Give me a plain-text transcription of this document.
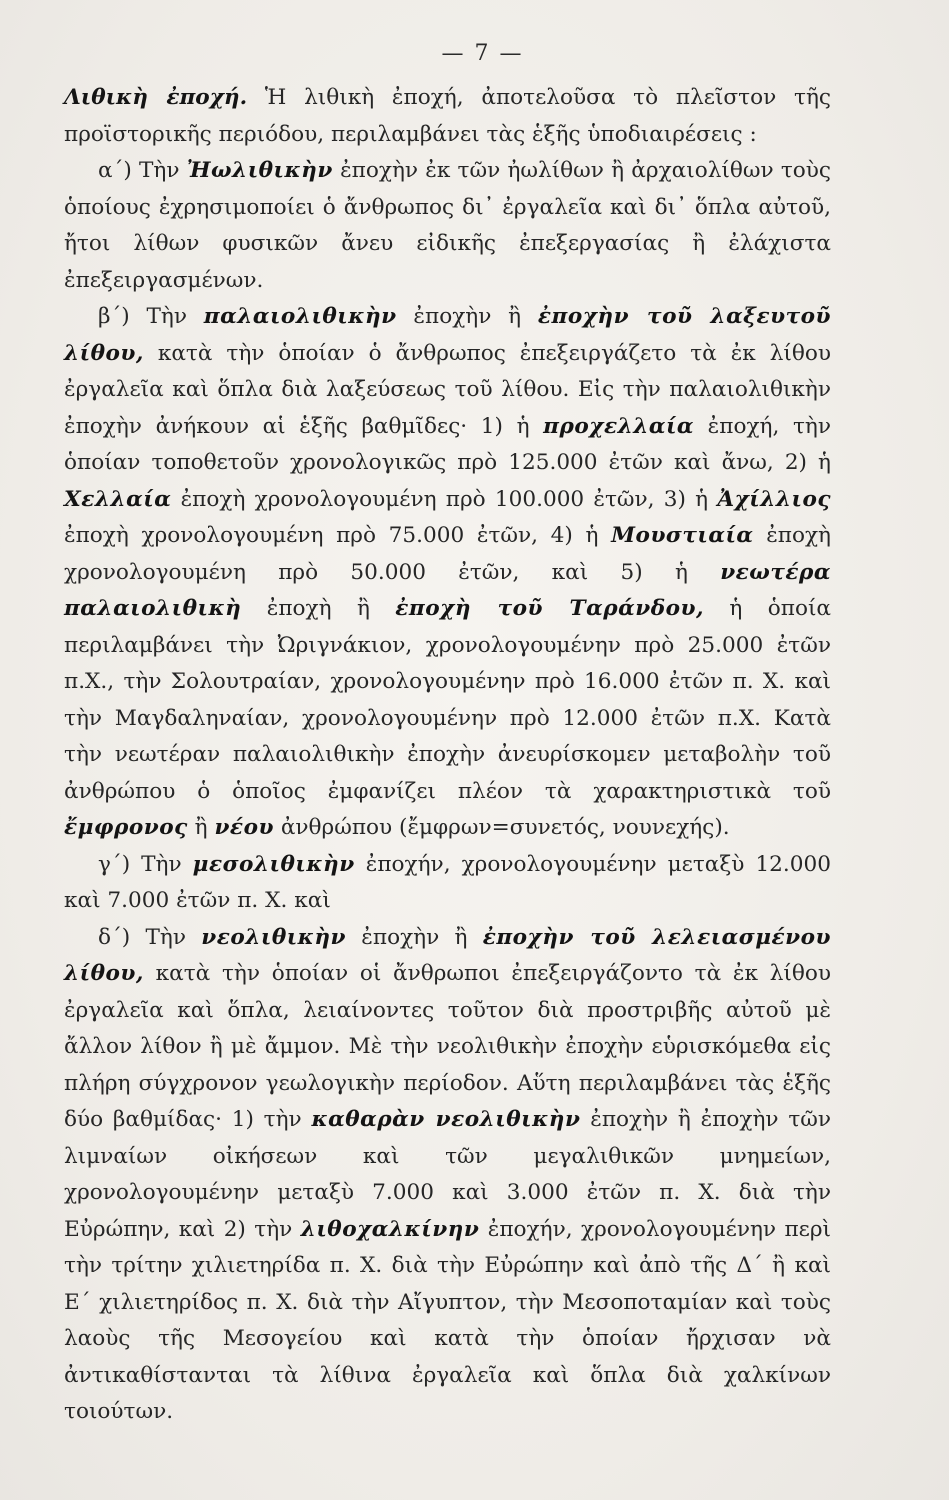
— 7 —

Λιθικὴ ἐποχή. Ἡ λιθικὴ ἐποχή, ἀποτελοῦσα τὸ πλεῖστον τῆς προϊστορικῆς περιόδου, περιλαμβάνει τὰς ἑξῆς ὑποδιαιρέσεις :

α΄) Τὴν Ἠωλιθικὴν ἐποχὴν ἐκ τῶν ἠωλίθων ἢ ἀρχαιολίθων τοὺς ὁποίους ἐχρησιμοποίει ὁ ἄνθρωπος δι᾽ ἐργαλεῖα καὶ δι᾽ ὅπλα αὐτοῦ, ἤτοι λίθων φυσικῶν ἄνευ εἰδικῆς ἐπεξεργασίας ἢ ἐλάχιστα ἐπεξειργασμένων.

β΄) Τὴν παλαιολιθικὴν ἐποχὴν ἢ ἐποχὴν τοῦ λαξευτοῦ λίθου, κατὰ τὴν ὁποίαν ὁ ἄνθρωπος ἐπεξειργάζετο τὰ ἐκ λίθου ἐργαλεῖα καὶ ὅπλα διὰ λαξεύσεως τοῦ λίθου. Εἰς τὴν παλαιολιθικὴν ἐποχὴν ἀνήκουν αἱ ἑξῆς βαθμῖδες· 1) ἡ προχελλαία ἐποχή, τὴν ὁποίαν τοποθετοῦν χρονολογικῶς πρὸ 125.000 ἐτῶν καὶ ἄνω, 2) ἡ Χελλαία ἐποχὴ χρονολογουμένη πρὸ 100.000 ἐτῶν, 3) ἡ Ἀχίλλιος ἐποχὴ χρονολογουμένη πρὸ 75.000 ἐτῶν, 4) ἡ Μουστιαία ἐποχὴ χρονολογουμένη πρὸ 50.000 ἐτῶν, καὶ 5) ἡ νεωτέρα παλαιολιθικὴ ἐποχὴ ἢ ἐποχὴ τοῦ Ταράνδου, ἡ ὁποία περιλαμβάνει τὴν Ὠριγνάκιον, χρονολογουμένην πρὸ 25.000 ἐτῶν π.Χ., τὴν Σολουτραίαν, χρονολογουμένην πρὸ 16.000 ἐτῶν π. Χ. καὶ τὴν Μαγδαληναίαν, χρονολογουμένην πρὸ 12.000 ἐτῶν π.Χ. Κατὰ τὴν νεωτέραν παλαιολιθικὴν ἐποχὴν ἀνευρίσκομεν μεταβολὴν τοῦ ἀνθρώπου ὁ ὁποῖος ἐμφανίζει πλέον τὰ χαρακτηριστικὰ τοῦ ἔμφρονος ἢ νέου ἀνθρώπου (ἔμφρων=συνετός, νουνεχής).

γ΄) Τὴν μεσολιθικὴν ἐποχήν, χρονολογουμένην μεταξὺ 12.000 καὶ 7.000 ἐτῶν π. Χ. καὶ

δ΄) Τὴν νεολιθικὴν ἐποχὴν ἢ ἐποχὴν τοῦ λελειασμένου λίθου, κατὰ τὴν ὁποίαν οἱ ἄνθρωποι ἐπεξειργάζοντο τὰ ἐκ λίθου ἐργαλεῖα καὶ ὅπλα, λειαίνοντες τοῦτον διὰ προστριβῆς αὐτοῦ μὲ ἄλλον λίθον ἢ μὲ ἄμμον. Μὲ τὴν νεολιθικὴν ἐποχὴν εὑρισκόμεθα εἰς πλήρη σύγχρονον γεωλογικὴν περίοδον. Αὕτη περιλαμβάνει τὰς ἑξῆς δύο βαθμίδας· 1) τὴν καθαρὰν νεολιθικὴν ἐποχὴν ἢ ἐποχὴν τῶν λιμναίων οἰκήσεων καὶ τῶν μεγαλιθικῶν μνημείων, χρονολογουμένην μεταξὺ 7.000 καὶ 3.000 ἐτῶν π. Χ. διὰ τὴν Εὐρώπην, καὶ 2) τὴν λιθοχαλκίνην ἐποχήν, χρονολογουμένην περὶ τὴν τρίτην χιλιετηρίδα π. Χ. διὰ τὴν Εὐρώπην καὶ ἀπὸ τῆς Δ΄ ἢ καὶ Ε΄ χιλιετηρίδος π. Χ. διὰ τὴν Αἴγυπτον, τὴν Μεσοποταμίαν καὶ τοὺς λαοὺς τῆς Μεσογείου καὶ κατὰ τὴν ὁποίαν ἤρχισαν νὰ ἀντικαθίστανται τὰ λίθινα ἐργαλεῖα καὶ ὅπλα διὰ χαλκίνων τοιούτων.
